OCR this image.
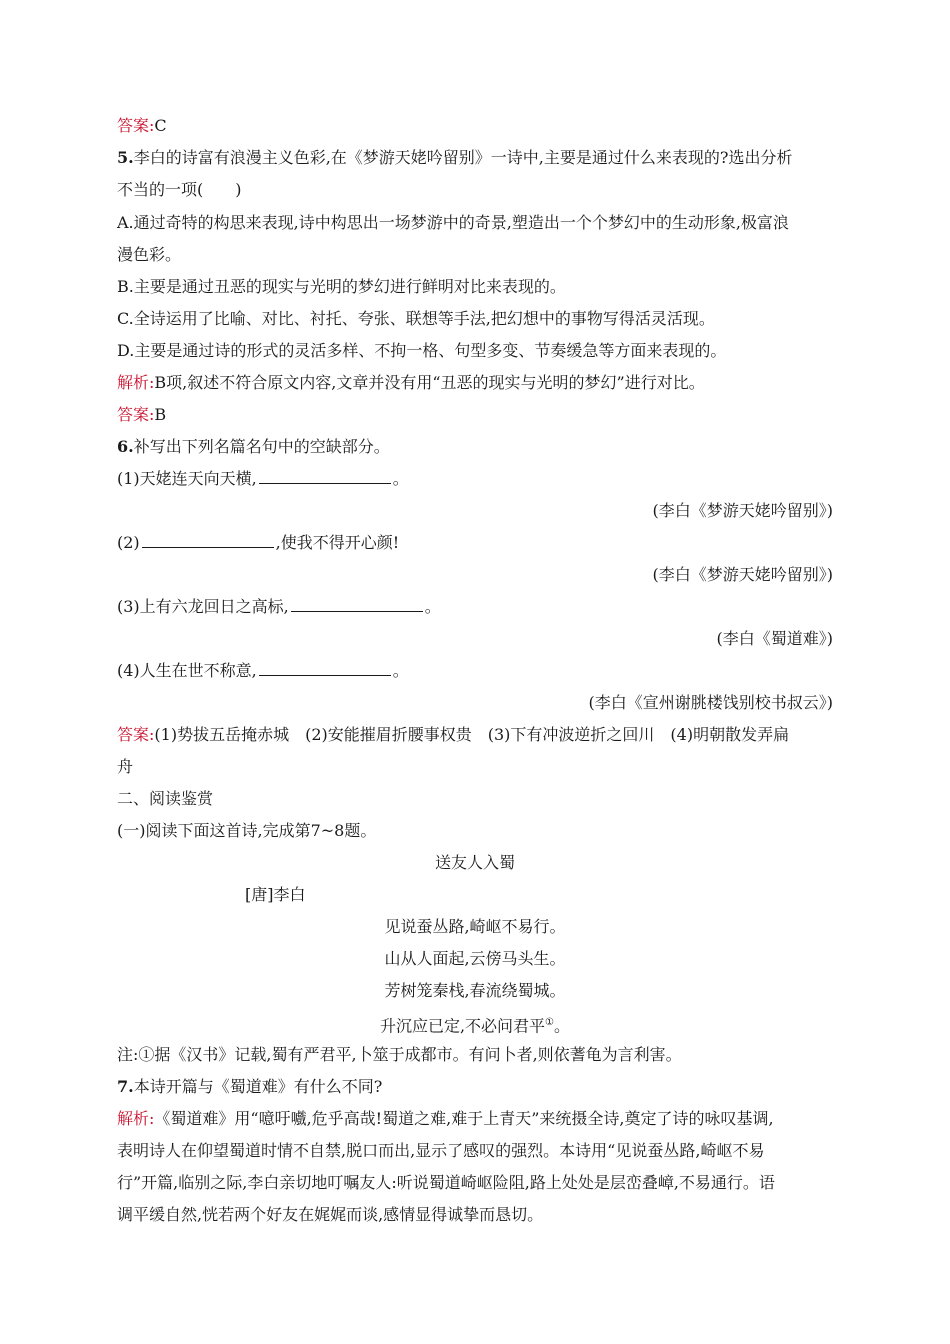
答案:C
5.李白的诗富有浪漫主义色彩,在《梦游天姥吟留别》一诗中,主要是通过什么来表现的?选出分析
不当的一项(　　)
A.通过奇特的构思来表现,诗中构思出一场梦游中的奇景,塑造出一个个梦幻中的生动形象,极富浪
漫色彩。
B.主要是通过丑恶的现实与光明的梦幻进行鲜明对比来表现的。
C.全诗运用了比喻、对比、衬托、夸张、联想等手法,把幻想中的事物写得活灵活现。
D.主要是通过诗的形式的灵活多样、不拘一格、句型多变、节奏缓急等方面来表现的。
解析:B项,叙述不符合原文内容,文章并没有用“丑恶的现实与光明的梦幻”进行对比。
答案:B
6.补写出下列名篇名句中的空缺部分。
(1)天姥连天向天横,	。
(李白《梦游天姥吟留别》)
(2)	,使我不得开心颜!
(李白《梦游天姥吟留别》)
(3)上有六龙回日之高标,	。
(李白《蜀道难》)
(4)人生在世不称意,	。
(李白《宣州谢朓楼饯别校书叔云》)
答案:(1)势拔五岳掩赤城　(2)安能摧眉折腰事权贵　(3)下有冲波逆折之回川　(4)明朝散发弄扁
舟
二、阅读鉴赏
(一)阅读下面这首诗,完成第7~8题。
送友人入蜀
[唐]李白
见说蚕丛路,崎岖不易行。
山从人面起,云傍马头生。
芳树笼秦栈,春流绕蜀城。
升沉应已定,不必问君平①。
注:①据《汉书》记载,蜀有严君平,卜筮于成都市。有问卜者,则依蓍龟为言利害。
7.本诗开篇与《蜀道难》有什么不同?
解析:《蜀道难》用“噫吁嚱,危乎高哉!蜀道之难,难于上青天”来统摄全诗,奠定了诗的咏叹基调,
表明诗人在仰望蜀道时情不自禁,脱口而出,显示了感叹的强烈。本诗用“见说蚕丛路,崎岖不易
行”开篇,临别之际,李白亲切地叮嘱友人:听说蜀道崎岖险阻,路上处处是层峦叠嶂,不易通行。语
调平缓自然,恍若两个好友在娓娓而谈,感情显得诚挚而恳切。
